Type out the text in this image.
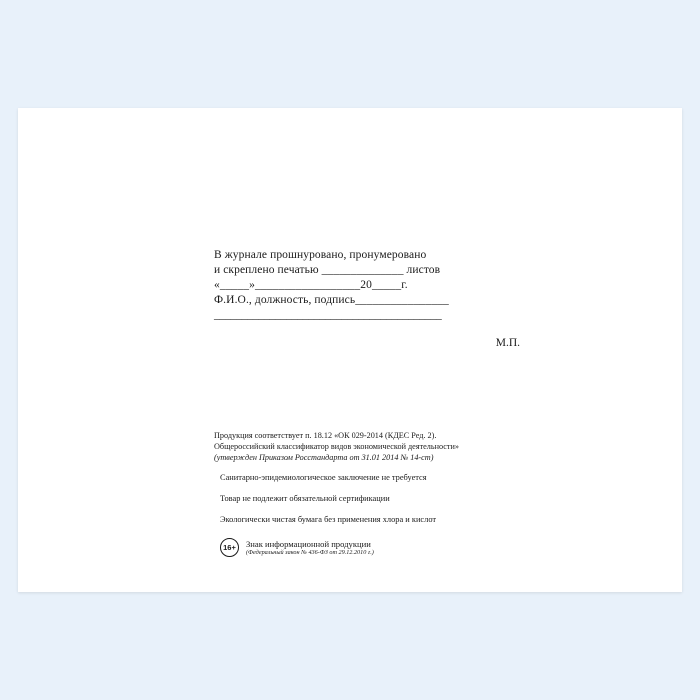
В журнале прошнуровано, пронумеровано
и скреплено печатью ______________ листов
«_____»__________________20_____г.
Ф.И.О., должность, подпись________________
_________________________________________
М.П.
Продукция соответствует п. 18.12 «ОК 029-2014 (КДЕС Ред. 2).
Общероссийский классификатор видов экономической деятельности»
(утвержден Приказом Росстандарта от 31.01 2014 № 14-ст)
Санитарно-эпидемиологическое заключение не требуется
Товар не подлежит обязательной сертификации
Экологически чистая бумага без применения хлора и кислот
16+	Знак информационной продукции
(Федеральный закон № 436-ФЗ от 29.12.2010 г.)
